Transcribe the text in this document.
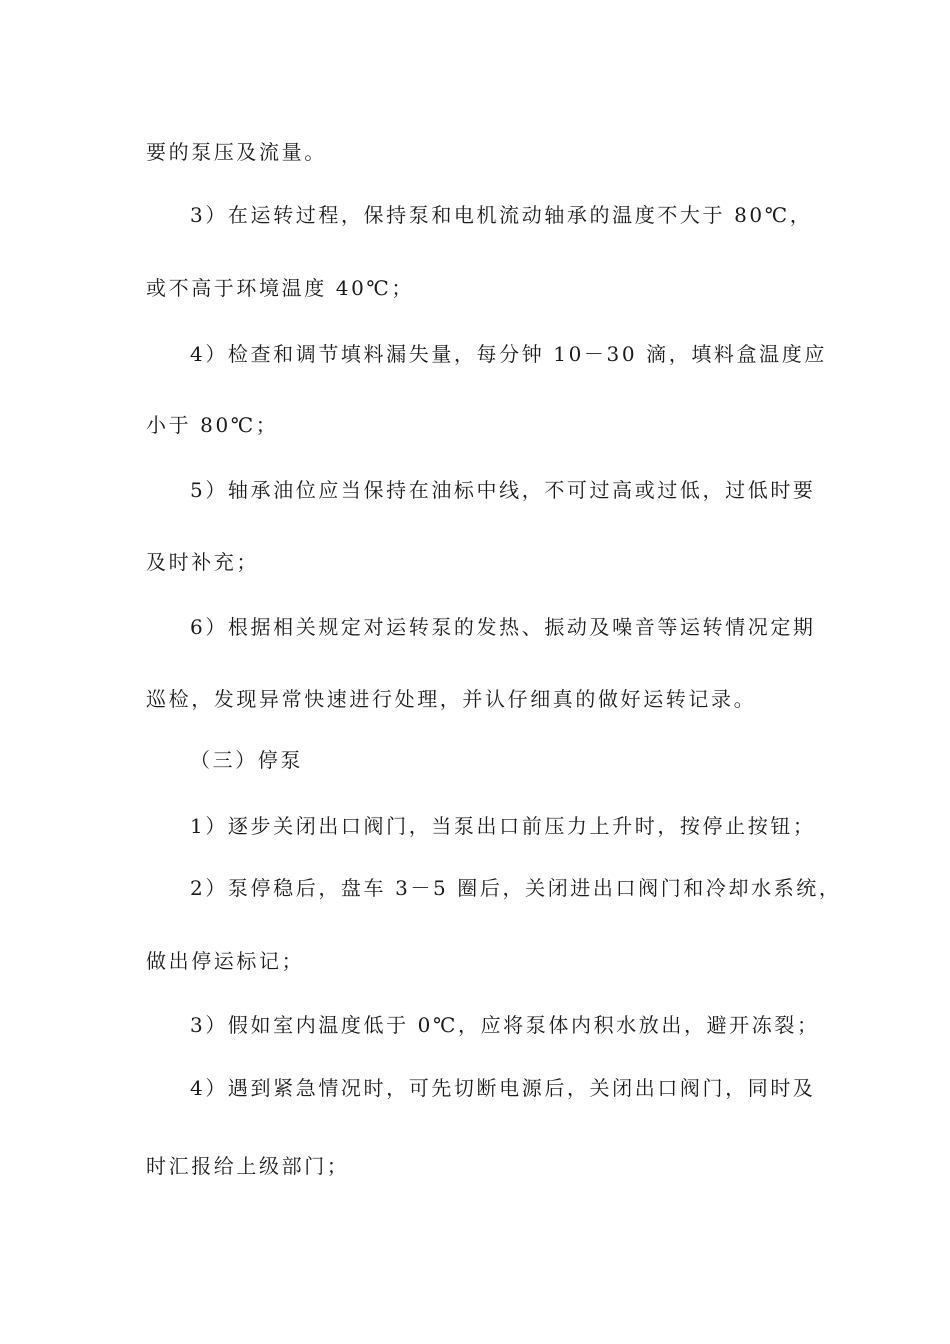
要的泵压及流量。
3）在运转过程，保持泵和电机流动轴承的温度不大于 80℃，
或不高于环境温度 40℃；
4）检查和调节填料漏失量，每分钟 10－30 滴，填料盒温度应
小于 80℃；
5）轴承油位应当保持在油标中线，不可过高或过低，过低时要
及时补充；
6）根据相关规定对运转泵的发热、振动及噪音等运转情况定期
巡检，发现异常快速进行处理，并认仔细真的做好运转记录。
（三）停泵
1）逐步关闭出口阀门，当泵出口前压力上升时，按停止按钮；
2）泵停稳后，盘车 3－5 圈后，关闭进出口阀门和冷却水系统，
做出停运标记；
3）假如室内温度低于 0℃，应将泵体内积水放出，避开冻裂；
4）遇到紧急情况时，可先切断电源后，关闭出口阀门，同时及
时汇报给上级部门；
